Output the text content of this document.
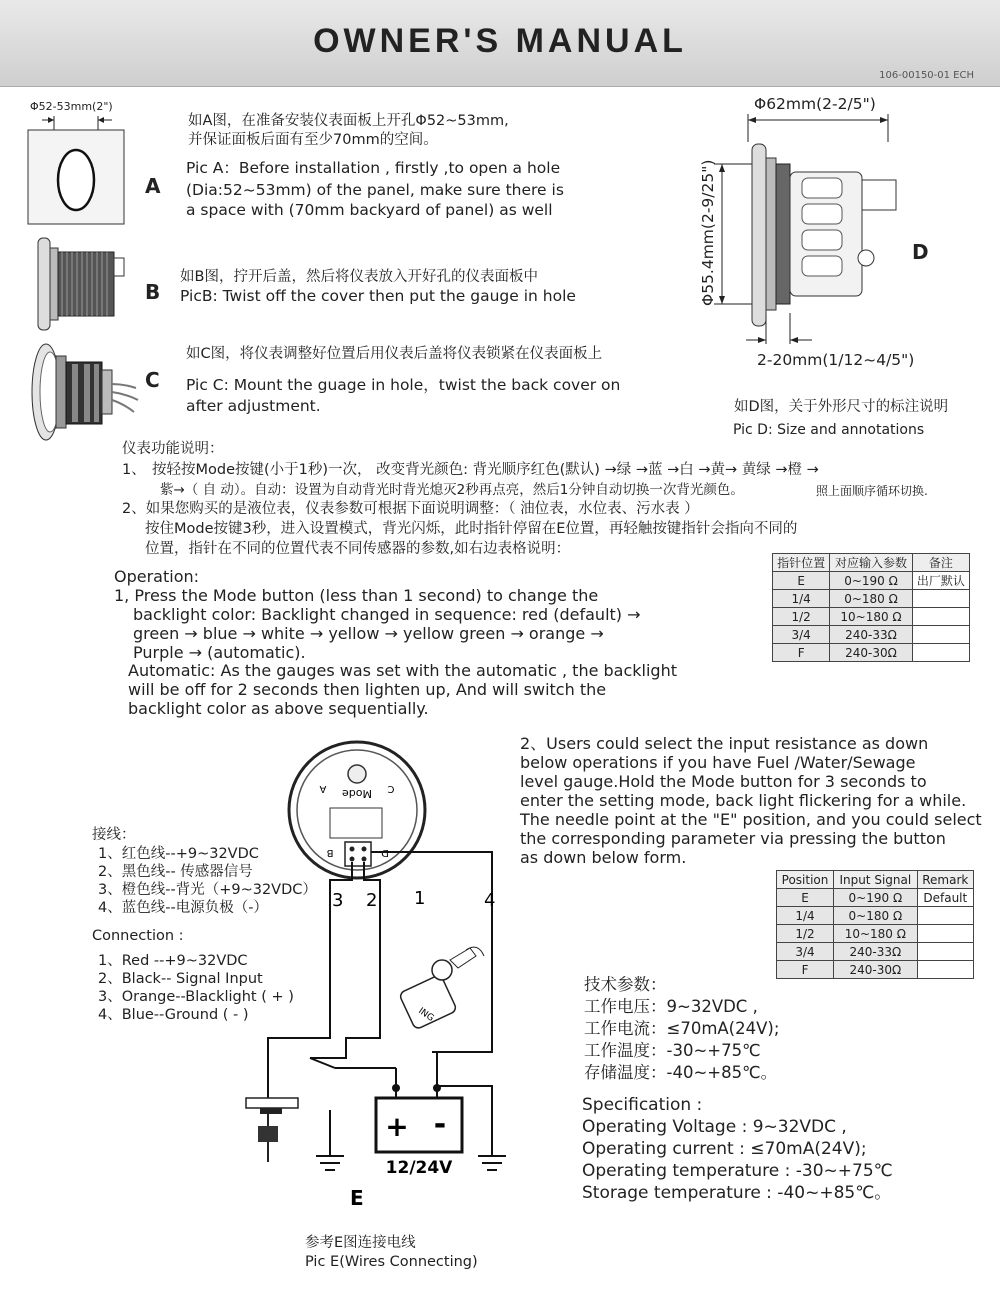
OWNER'S MANUAL
106-00150-01 ECH
Φ52-53mm(2")
A
如A图，在准备安装仪表面板上开孔Φ52~53mm,
并保证面板后面有至少70mm的空间。
Pic A：Before installation , firstly ,to open a hole
(Dia:52~53mm) of the panel, make sure there is
a space with (70mm backyard of panel) as well
B
如B图，拧开后盖，然后将仪表放入开好孔的仪表面板中
PicB: Twist off the cover then put the gauge in hole
C
如C图，将仪表调整好位置后用仪表后盖将仪表锁紧在仪表面板上
Pic C: Mount the guage in hole，twist the back cover on
after adjustment.
Φ62mm(2-2/5")
Φ55.4mm(2-9/25")	D
2-20mm(1/12~4/5")
如D图，关于外形尺寸的标注说明
Pic D: Size and annotations
仪表功能说明：
1、 按轻按Mode按键(小于1秒)一次， 改变背光颜色: 背光顺序红色(默认) →绿 →蓝 →白 →黄→ 黄绿 →橙 →
紫→（ 自 动）。自动：设置为自动背光时背光熄灭2秒再点亮，然后1分钟自动切换一次背光颜色。	照上面顺序循环切换.
2、如果您购买的是液位表，仪表参数可根据下面说明调整：（ 油位表，水位表、污水表 ）
按住Mode按键3秒，进入设置模式，背光闪烁，此时指针停留在E位置，再轻触按键指针会指向不同的
位置，指针在不同的位置代表不同传感器的参数,如右边表格说明：
Operation:
1, Press the Mode button (less than 1 second) to change the
backlight color: Backlight changed in sequence: red (default) →
green → blue → white → yellow → yellow green → orange →
Purple → (automatic).
Automatic: As the gauges was set with the automatic , the backlight
will be off for 2 seconds then lighten up, And will switch the
backlight color as above sequentially.
指针位置	对应输入参数	备注
E	0~190 Ω	出厂默认
1/4	0~180 Ω	
1/2	10~180 Ω	
3/4	240-33Ω	
F	240-30Ω	
2、Users could select the input resistance as down
below operations if you have Fuel /Water/Sewage
level gauge.Hold the Mode button for 3 seconds to
enter the setting mode, back light flickering for a while.
The needle point at the "E" position, and you could select
the corresponding parameter via pressing the button
as down below form.
Position	Input Signal	Remark
E	0~190 Ω	Default
1/4	0~180 Ω	
1/2	10~180 Ω	
3/4	240-33Ω	
F	240-30Ω	
接线：
1、红色线--+9~32VDC
2、黑色线-- 传感器信号
3、橙色线--背光（+9~32VDC）
4、蓝色线--电源负极（-）
Connection :
1、Red --+9~32VDC
2、Black-- Signal Input
3、Orange--Blacklight ( + )
4、Blue--Ground ( - )
Mode
A	C
B	D
3 2 1	4
ING
+ -
12/24V
E
参考E图连接电线
Pic E(Wires Connecting)
技术参数：
工作电压：9~32VDC ,
工作电流：≤70mA(24V);
工作温度：-30~+75℃
存储温度：-40~+85℃。
Specification :
Operating Voltage : 9~32VDC ,
Operating current : ≤70mA(24V);
Operating temperature : -30~+75℃
Storage temperature : -40~+85℃。
